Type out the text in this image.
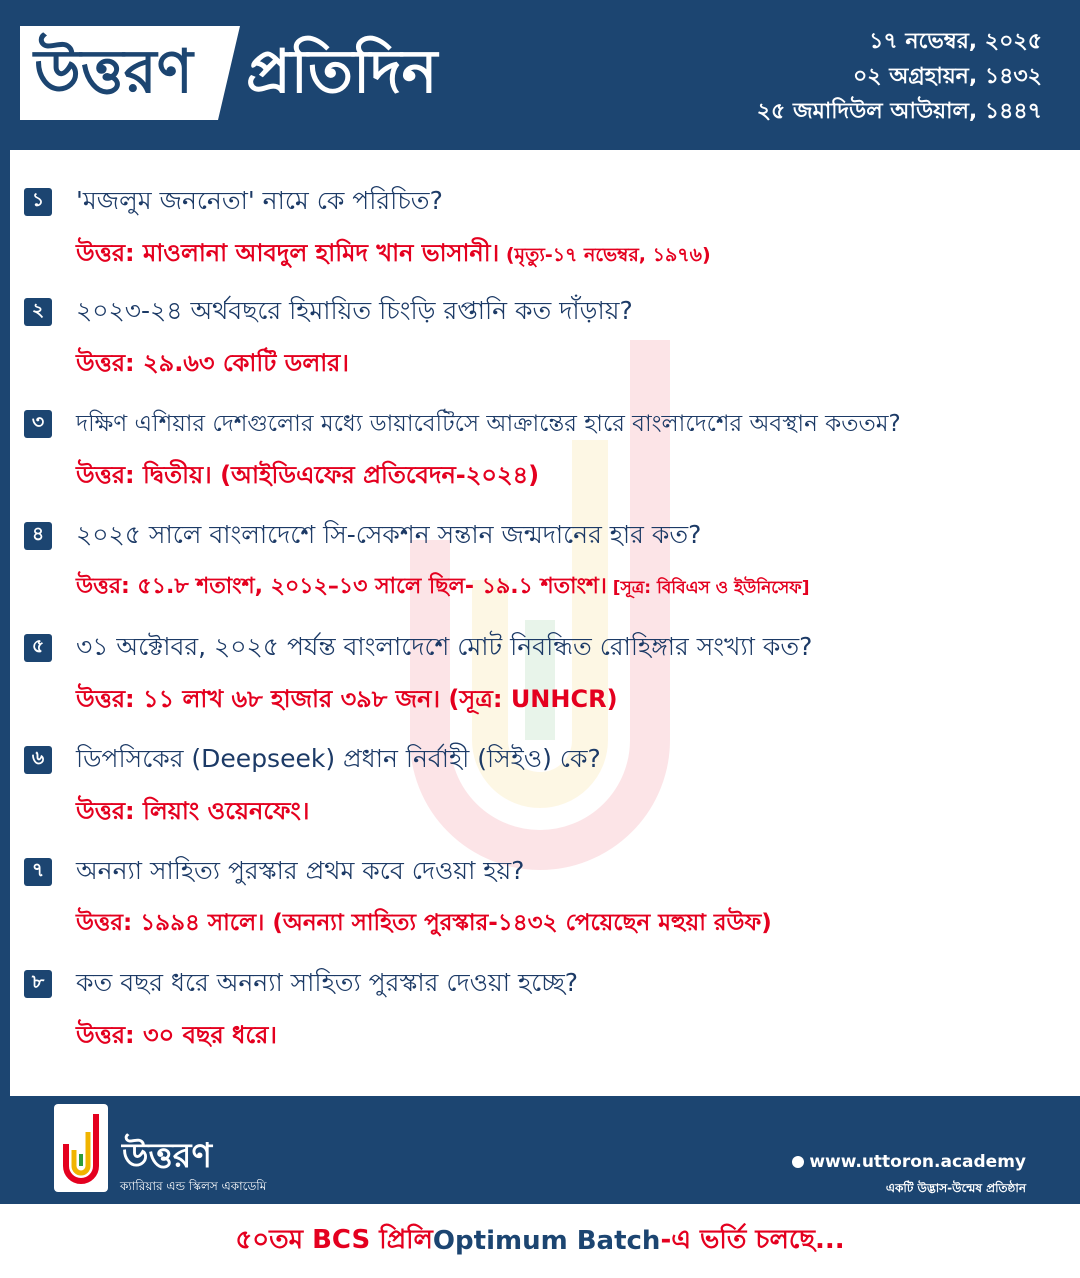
উত্তরণ প্রতিদিন	১৭ নভেম্বর, ২০২৫
০২ অগ্রহায়ন, ১৪৩২
২৫ জমাদিউল আউয়াল, ১৪৪৭
১	'মজলুম জননেতা' নামে কে পরিচিত?
উত্তর: মাওলানা আবদুল হামিদ খান ভাসানী। (মৃত্যু-১৭ নভেম্বর, ১৯৭৬)
২	২০২৩-২৪ অর্থবছরে হিমায়িত চিংড়ি রপ্তানি কত দাঁড়ায়?
উত্তর: ২৯.৬৩ কোটি ডলার।
৩	দক্ষিণ এশিয়ার দেশগুলোর মধ্যে ডায়াবেটিসে আক্রান্তের হারে বাংলাদেশের অবস্থান কততম?
উত্তর: দ্বিতীয়। (আইডিএফের প্রতিবেদন-২০২৪)
৪	২০২৫ সালে বাংলাদেশে সি-সেকশন সন্তান জন্মদানের হার কত?
উত্তর: ৫১.৮ শতাংশ, ২০১২–১৩ সালে ছিল- ১৯.১ শতাংশ। [সূত্র: বিবিএস ও ইউনিসেফ]
৫	৩১ অক্টোবর, ২০২৫ পর্যন্ত বাংলাদেশে মোট নিবন্ধিত রোহিঙ্গার সংখ্যা কত?
উত্তর: ১১ লাখ ৬৮ হাজার ৩৯৮ জন। (সূত্র: UNHCR)
৬	ডিপসিকের (Deepseek) প্রধান নির্বাহী (সিইও) কে?
উত্তর: লিয়াং ওয়েনফেং।
৭	অনন্যা সাহিত্য পুরস্কার প্রথম কবে দেওয়া হয়?
উত্তর: ১৯৯৪ সালে। (অনন্যা সাহিত্য পুরস্কার-১৪৩২ পেয়েছেন মহুয়া রউফ)
৮	কত বছর ধরে অনন্যা সাহিত্য পুরস্কার দেওয়া হচ্ছে?
উত্তর: ৩০ বছর ধরে।
উত্তরণ
ক্যারিয়ার এন্ড স্কিলস একাডেমি
www.uttoron.academy
একটি উদ্ভাস-উন্মেষ প্রতিষ্ঠান
৫০তম BCS প্রিলি Optimum Batch -এ ভর্তি চলছে...
